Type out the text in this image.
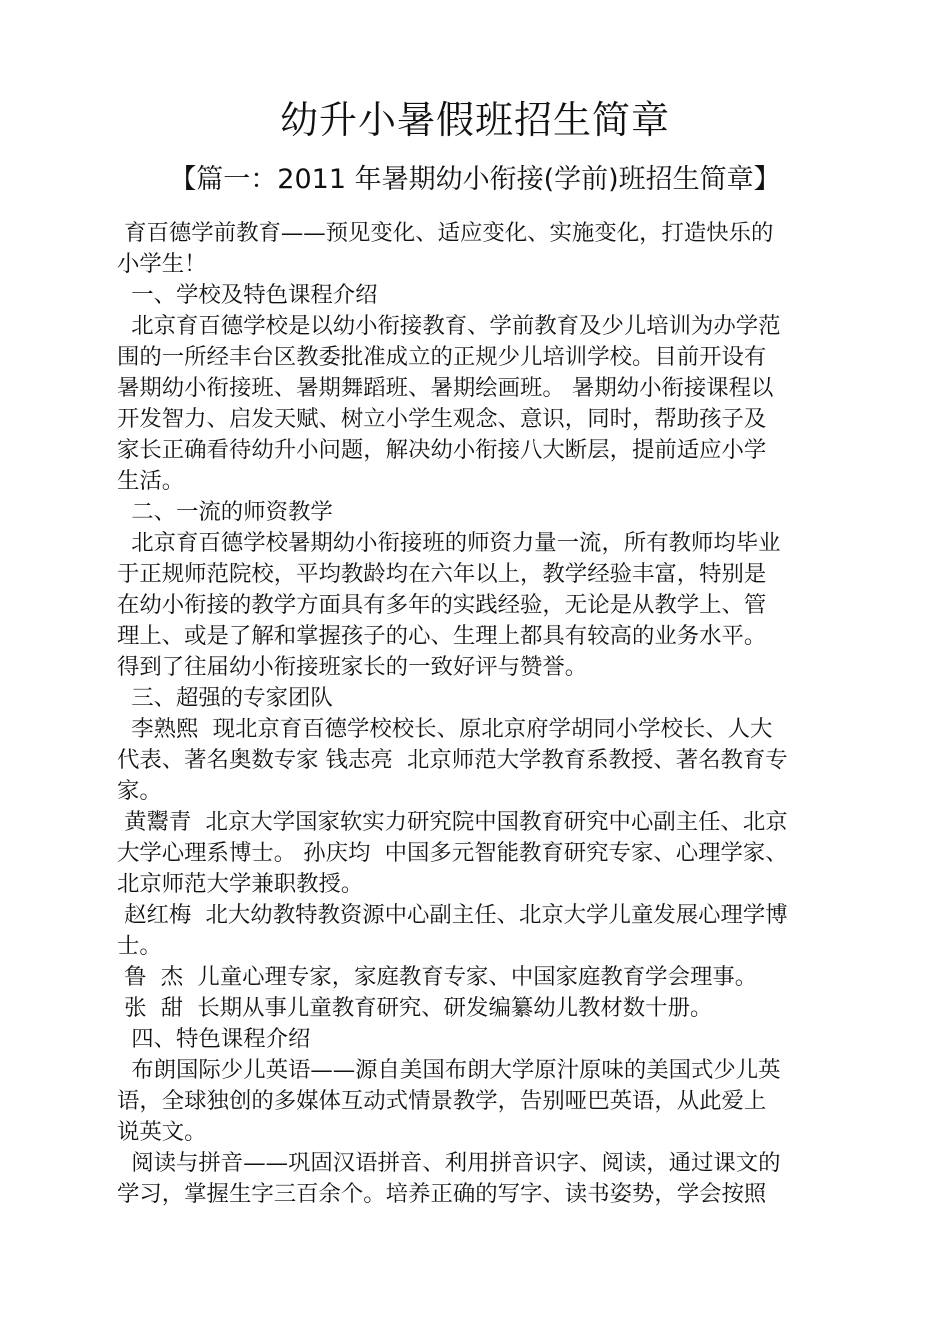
幼升小暑假班招生简章
【篇一：2011 年暑期幼小衔接(学前)班招生简章】
育百德学前教育——预见变化、适应变化、实施变化，打造快乐的
小学生！
一、学校及特色课程介绍
北京育百德学校是以幼小衔接教育、学前教育及少儿培训为办学范
围的一所经丰台区教委批准成立的正规少儿培训学校。目前开设有
暑期幼小衔接班、暑期舞蹈班、暑期绘画班。 暑期幼小衔接课程以
开发智力、启发天赋、树立小学生观念、意识，同时，帮助孩子及
家长正确看待幼升小问题，解决幼小衔接八大断层，提前适应小学
生活。
二、一流的师资教学
北京育百德学校暑期幼小衔接班的师资力量一流，所有教师均毕业
于正规师范院校，平均教龄均在六年以上，教学经验丰富，特别是
在幼小衔接的教学方面具有多年的实践经验，无论是从教学上、管
理上、或是了解和掌握孩子的心、生理上都具有较高的业务水平。
得到了往届幼小衔接班家长的一致好评与赞誉。
三、超强的专家团队
李熟熙  现北京育百德学校校长、原北京府学胡同小学校长、人大
代表、著名奥数专家 钱志亮  北京师范大学教育系教授、著名教育专
家。
黄鬻青  北京大学国家软实力研究院中国教育研究中心副主任、北京
大学心理系博士。 孙庆均  中国多元智能教育研究专家、心理学家、
北京师范大学兼职教授。
赵红梅  北大幼教特教资源中心副主任、北京大学儿童发展心理学博
士。
鲁  杰  儿童心理专家，家庭教育专家、中国家庭教育学会理事。
张  甜  长期从事儿童教育研究、研发编纂幼儿教材数十册。
四、特色课程介绍
布朗国际少儿英语——源自美国布朗大学原汁原味的美国式少儿英
语，全球独创的多媒体互动式情景教学，告别哑巴英语，从此爱上
说英文。
阅读与拼音——巩固汉语拼音、利用拼音识字、阅读，通过课文的
学习，掌握生字三百余个。培养正确的写字、读书姿势，学会按照
